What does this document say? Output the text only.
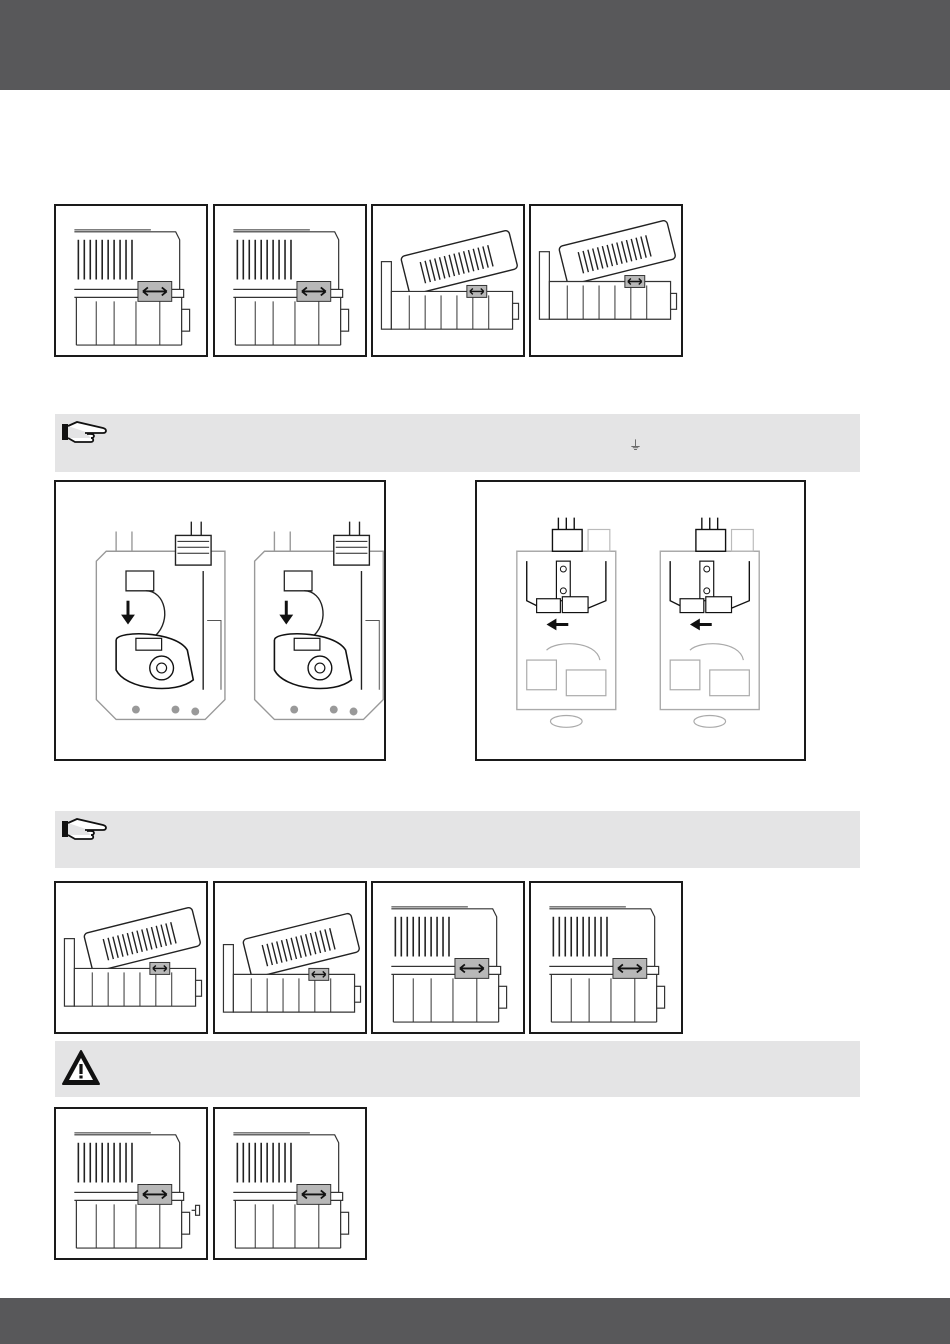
⏚
